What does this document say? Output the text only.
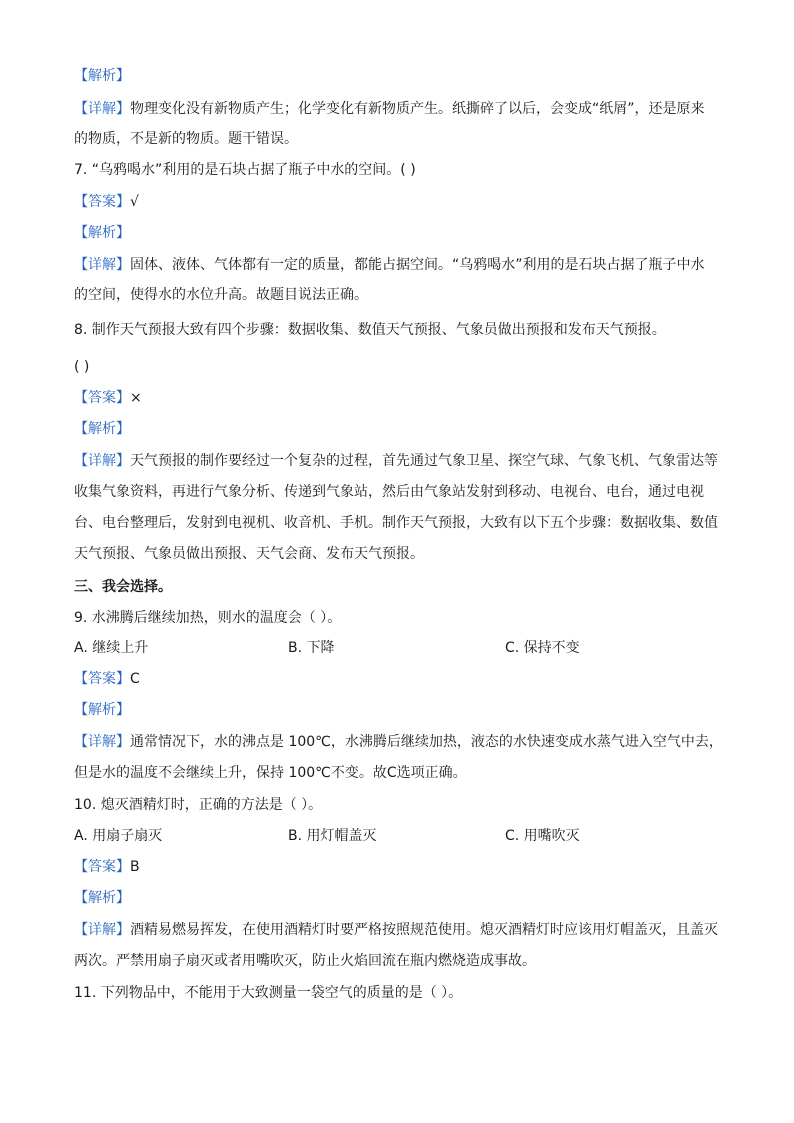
【解析】
【详解】物理变化没有新物质产生；化学变化有新物质产生。纸撕碎了以后，会变成“纸屑”，还是原来
的物质，不是新的物质。题干错误。
7. “乌鸦喝水”利用的是石块占据了瓶子中水的空间。( )
【答案】√
【解析】
【详解】固体、液体、气体都有一定的质量，都能占据空间。“乌鸦喝水”利用的是石块占据了瓶子中水
的空间，使得水的水位升高。故题目说法正确。
8. 制作天气预报大致有四个步骤：数据收集、数值天气预报、气象员做出预报和发布天气预报。
( )
【答案】×
【解析】
【详解】天气预报的制作要经过一个复杂的过程，首先通过气象卫星、探空气球、气象飞机、气象雷达等
收集气象资料，再进行气象分析、传递到气象站，然后由气象站发射到移动、电视台、电台，通过电视
台、电台整理后，发射到电视机、收音机、手机。制作天气预报，大致有以下五个步骤：数据收集、数值
天气预报、气象员做出预报、天气会商、发布天气预报。
三、我会选择。
9. 水沸腾后继续加热，则水的温度会（ ）。
A. 继续上升	B. 下降	C. 保持不变
【答案】C
【解析】
【详解】通常情况下，水的沸点是 100℃，水沸腾后继续加热，液态的水快速变成水蒸气进入空气中去，
但是水的温度不会继续上升，保持 100℃不变。故C选项正确。
10. 熄灭酒精灯时，正确的方法是（ ）。
A. 用扇子扇灭	B. 用灯帽盖灭	C. 用嘴吹灭
【答案】B
【解析】
【详解】酒精易燃易挥发，在使用酒精灯时要严格按照规范使用。熄灭酒精灯时应该用灯帽盖灭，且盖灭
两次。严禁用扇子扇灭或者用嘴吹灭，防止火焰回流在瓶内燃烧造成事故。
11. 下列物品中，不能用于大致测量一袋空气的质量的是（ ）。
